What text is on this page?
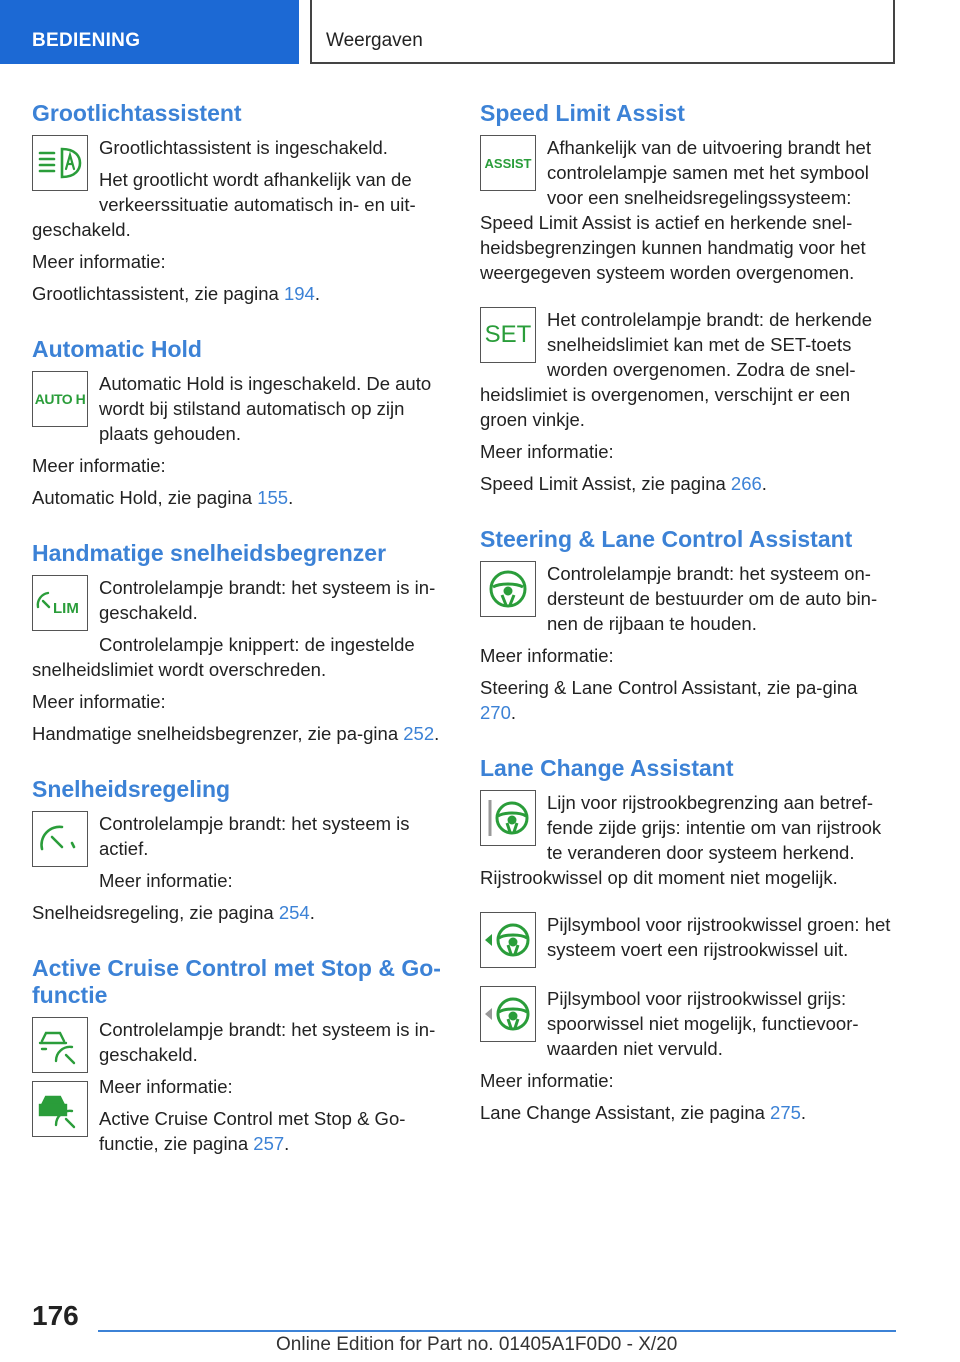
BEDIENING	Weergaven
Grootlichtassistent
Grootlichtassistent is ingeschakeld.
Het grootlicht wordt afhankelijk van de verkeerssituatie automatisch in- en uit-geschakeld.
Meer informatie:
Grootlichtassistent, zie pagina 194.
Automatic Hold
AUTO H
Automatic Hold is ingeschakeld. De auto wordt bij stilstand automatisch op zijn plaats gehouden.
Meer informatie:
Automatic Hold, zie pagina 155.
Handmatige snelheidsbegrenzer
LIM
Controlelampje brandt: het systeem is in-geschakeld.
Controlelampje knippert: de ingestelde snelheidslimiet wordt overschreden.
Meer informatie:
Handmatige snelheidsbegrenzer, zie pa-gina 252.
Snelheidsregeling
Controlelampje brandt: het systeem is actief.
Meer informatie:
Snelheidsregeling, zie pagina 254.
Active Cruise Control met Stop & Go-functie
Controlelampje brandt: het systeem is in-geschakeld.
Meer informatie:
Active Cruise Control met Stop & Go-functie, zie pagina 257.
Speed Limit Assist
ASSIST
Afhankelijk van de uitvoering brandt het controlelampje samen met het symbool voor een snelheidsregelingssysteem: Speed Limit Assist is actief en herkende snel-heidsbegrenzingen kunnen handmatig voor het weergegeven systeem worden overgenomen.
SET
Het controlelampje brandt: de herkende snelheidslimiet kan met de SET-toets worden overgenomen. Zodra de snel-heidslimiet is overgenomen, verschijnt er een groen vinkje.
Meer informatie:
Speed Limit Assist, zie pagina 266.
Steering & Lane Control Assistant
Controlelampje brandt: het systeem on-dersteunt de bestuurder om de auto bin-nen de rijbaan te houden.
Meer informatie:
Steering & Lane Control Assistant, zie pa-gina 270.
Lane Change Assistant
Lijn voor rijstrookbegrenzing aan betref-fende zijde grijs: intentie om van rijstrook te veranderen door systeem herkend. Rijstrookwissel op dit moment niet mogelijk.
Pijlsymbool voor rijstrookwissel groen: het systeem voert een rijstrookwissel uit.
Pijlsymbool voor rijstrookwissel grijs: spoorwissel niet mogelijk, functievoor-waarden niet vervuld.
Meer informatie:
Lane Change Assistant, zie pagina 275.
176
Online Edition for Part no. 01405A1F0D0 - X/20
